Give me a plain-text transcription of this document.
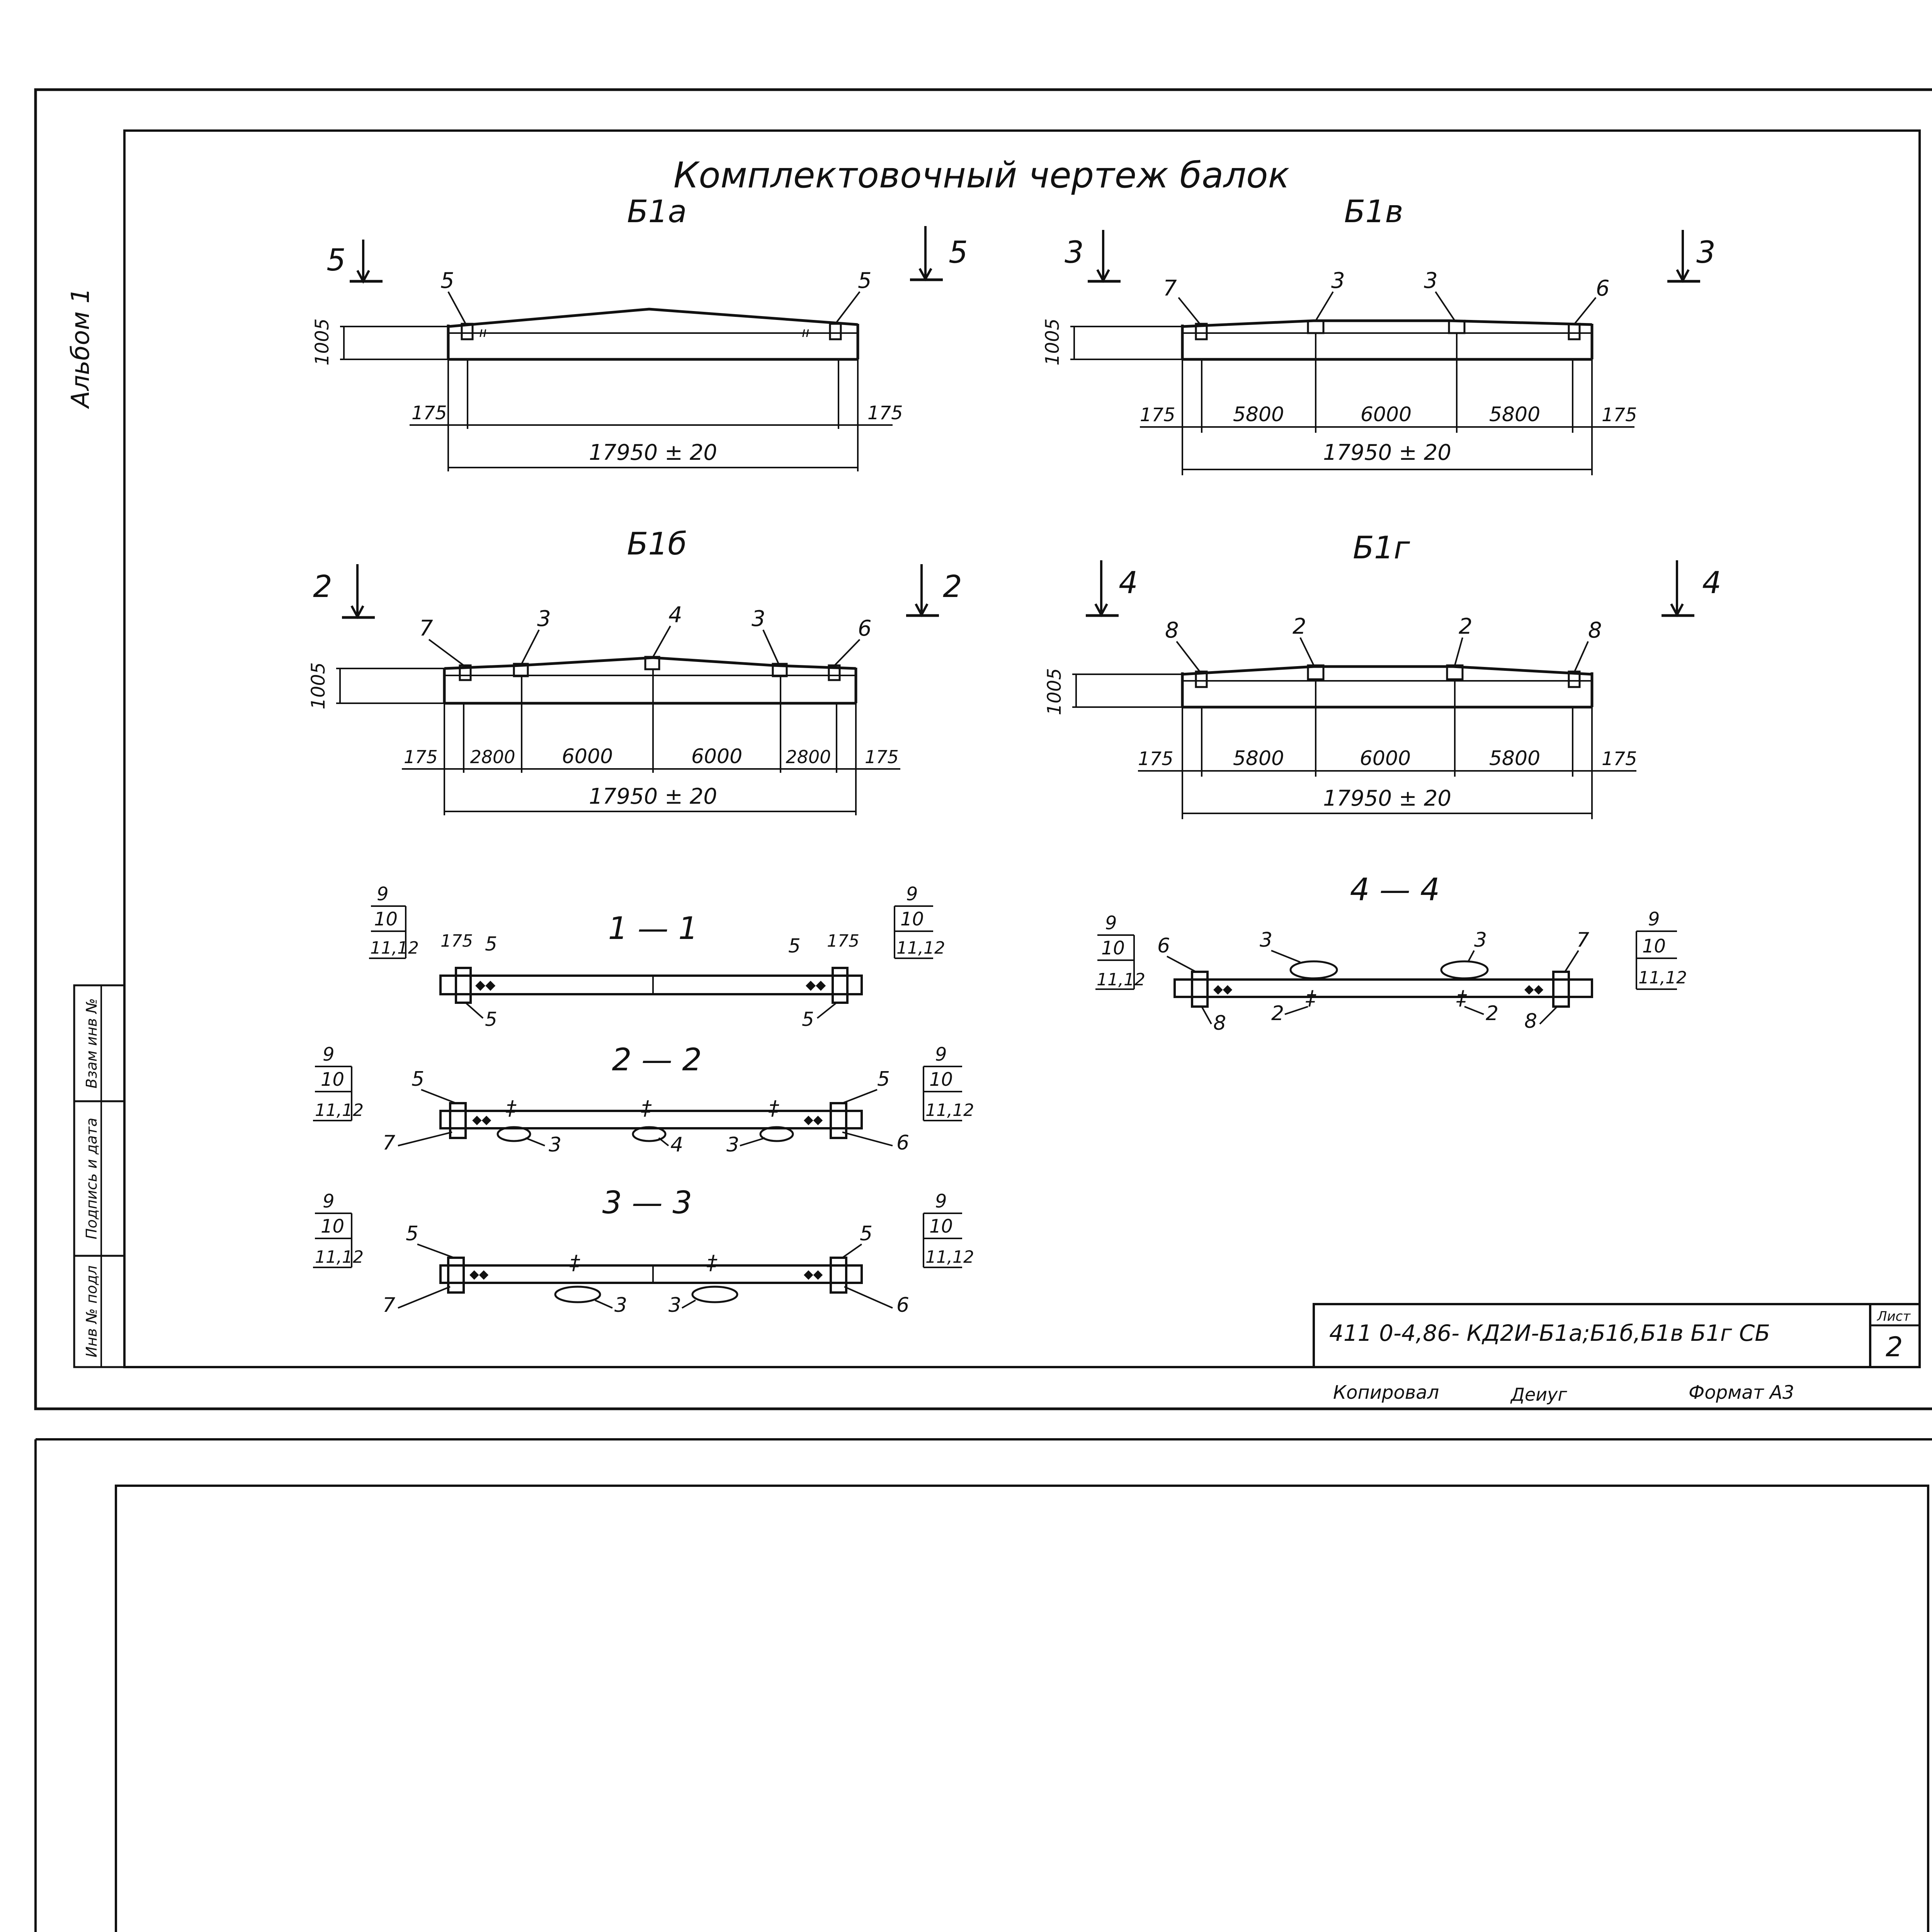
Альбом 1
Взам инв №
Подпись и дата
Инв № подл
Комплектовочный чертеж балок
Б1а
5	5
1005	᠋ıı	ıı
5	5
175	175
17950 ± 20
Б1в
3	3
1005
7	3	3	6
175	5800	6000	5800	175
17950 ± 20
Б1б
2	2
1005
7	3	4	3	6
175 2800 6000	6000 2800 175
17950 ± 20
Б1г
4	4
1005
8	2	2	8
175	5800	6000	5800	175
17950 ± 20
1 — 1
9
10
11,12
9
10
11,12
◆◆	◆◆
175	175
5	5
5	5
2 — 2
9
10
11,12
9
10
11,12
◆◆	◆◆
‡	‡	‡
5	5
7	3	4 3	6
3 — 3
9
10
11,12
9
10
11,12
◆◆	◆◆
‡	‡
5	5
7	3 3	6
4 — 4
9
10
11,12
9
10
11,12
◆◆	◆◆
‡	‡
6	3	3	7
8 2	2 8
411 0-4,86- КД2И-Б1а;Б1б,Б1в Б1г СБ
Лист
2
Копировал	Деиуг	Формат А3
